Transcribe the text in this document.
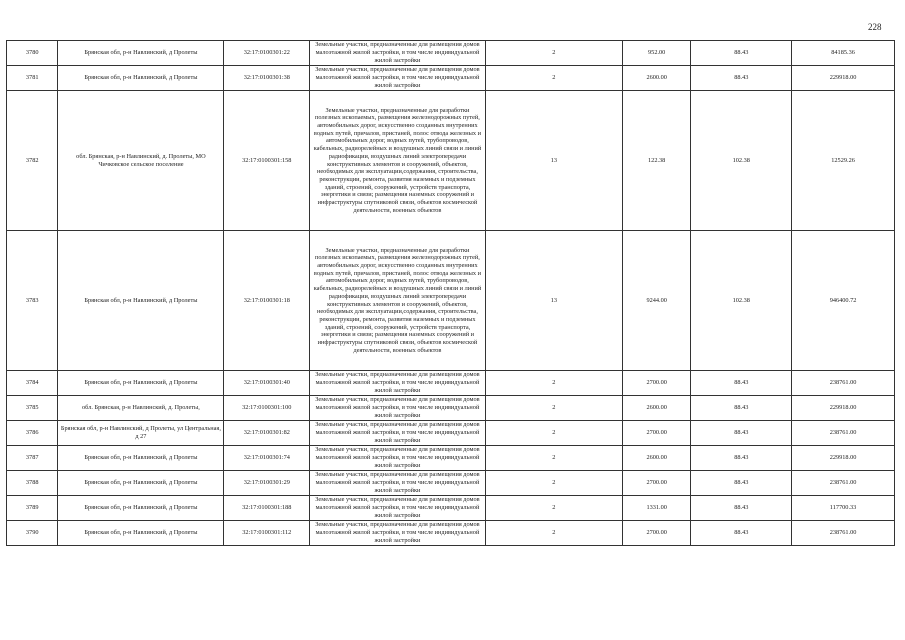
228
3780	Брянская обл, р-н Навлинский, д Пролеты	32:17:0100301:22	Земельные участки, предназначенные для размещения домов малоэтажной жилой застройки, в том числе индивидуальной жилой застройки	2	952.00	88.43	84185.36
3781	Брянская обл, р-н Навлинский, д Пролеты	32:17:0100301:38	Земельные участки, предназначенные для размещения домов малоэтажной жилой застройки, в том числе индивидуальной жилой застройки	2	2600.00	88.43	229918.00
3782	обл. Брянская, р-н Навлинский, д. Пролеты, МО Чичковское сельское поселение	32:17:0100301:158	Земельные участки, предназначенные для разработки полезных ископаемых, размещения железнодорожных путей, автомобильных дорог, искусственно созданных внутренних водных путей, причалов, пристаней, полос отвода железных и автомобильных дорог, водных путей, трубопроводов, кабельных, радиорелейных и воздушных линий связи и линий радиофикации, воздушных линий электропередачи конструктивных элементов и сооружений, объектов, необходимых для эксплуатации,содержания, строительства, реконструкции, ремонта, развития наземных и подземных зданий, строений, сооружений, устройств транспорта, энергетики и связи; размещения наземных сооружений и инфраструктуры спутниковой связи, объектов космической деятельности, военных объектов	13	122.38	102.38	12529.26
3783	Брянская обл, р-н Навлинский, д Пролеты	32:17:0100301:18	Земельные участки, предназначенные для разработки полезных ископаемых, размещения железнодорожных путей, автомобильных дорог, искусственно созданных внутренних водных путей, причалов, пристаней, полос отвода железных и автомобильных дорог, водных путей, трубопроводов, кабельных, радиорелейных и воздушных линий связи и линий радиофикации, воздушных линий электропередачи конструктивных элементов и сооружений, объектов, необходимых для эксплуатации,содержания, строительства, реконструкции, ремонта, развития наземных и подземных зданий, строений, сооружений, устройств транспорта, энергетики и связи; размещения наземных сооружений и инфраструктуры спутниковой связи, объектов космической деятельности, военных объектов	13	9244.00	102.38	946400.72
3784	Брянская обл, р-н Навлинский, д Пролеты	32:17:0100301:40	Земельные участки, предназначенные для размещения домов малоэтажной жилой застройки, в том числе индивидуальной жилой застройки	2	2700.00	88.43	238761.00
3785	обл. Брянская, р-н Навлинский, д. Пролеты,	32:17:0100301:100	Земельные участки, предназначенные для размещения домов малоэтажной жилой застройки, в том числе индивидуальной жилой застройки	2	2600.00	88.43	229918.00
3786	Брянская обл, р-н Навлинский, д Пролеты, ул Центральная, д 27	32:17:0100301:82	Земельные участки, предназначенные для размещения домов малоэтажной жилой застройки, в том числе индивидуальной жилой застройки	2	2700.00	88.43	238761.00
3787	Брянская обл, р-н Навлинский, д Пролеты	32:17:0100301:74	Земельные участки, предназначенные для размещения домов малоэтажной жилой застройки, в том числе индивидуальной жилой застройки	2	2600.00	88.43	229918.00
3788	Брянская обл, р-н Навлинский, д Пролеты	32:17:0100301:29	Земельные участки, предназначенные для размещения домов малоэтажной жилой застройки, в том числе индивидуальной жилой застройки	2	2700.00	88.43	238761.00
3789	Брянская обл, р-н Навлинский, д Пролеты	32:17:0100301:188	Земельные участки, предназначенные для размещения домов малоэтажной жилой застройки, в том числе индивидуальной жилой застройки	2	1331.00	88.43	117700.33
3790	Брянская обл, р-н Навлинский, д Пролеты	32:17:0100301:112	Земельные участки, предназначенные для размещения домов малоэтажной жилой застройки, в том числе индивидуальной жилой застройки	2	2700.00	88.43	238761.00
